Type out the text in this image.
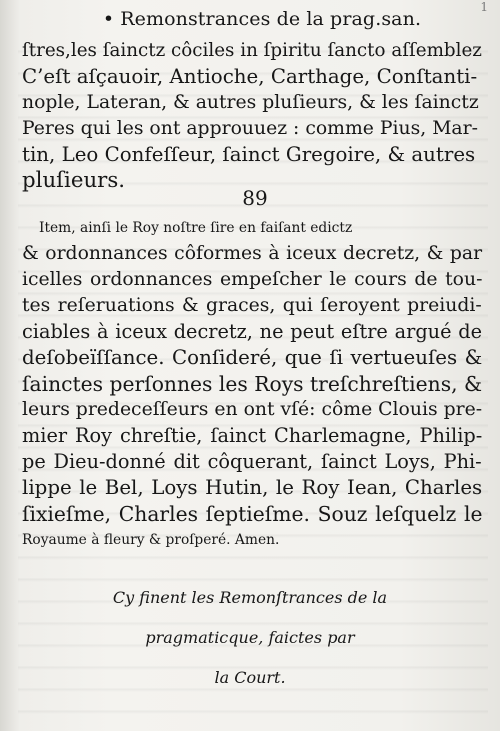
• Remonstrances de la prag.san.
1
ſtres,les ſainctz côciles in ſpiritu ſancto aſſemblez
C’eſt aſçauoir, Antioche, Carthage, Conſtanti-
nople, Lateran, & autres pluſieurs, & les ſainctz
Peres qui les ont approuuez : comme Pius, Mar-
tin, Leo Confeſſeur, ſainct Gregoire, & autres
pluſieurs.
89
Item, ainſi le Roy noſtre ſire en faiſant edictz
& ordonnances côformes à iceux decretz, & par
icelles ordonnances empeſcher le cours de tou-
tes reſeruations & graces, qui ſeroyent preiudi-
ciables à iceux decretz, ne peut eſtre argué de
deſobeïſſance. Conſideré, que ſi vertueuſes &
ſainctes perſonnes les Roys treſchreſtiens, &
leurs predeceſſeurs en ont vſé: côme Clouis pre-
mier Roy chreſtie, ſainct Charlemagne, Philip-
pe Dieu-donné dit côquerant, ſainct Loys, Phi-
lippe le Bel, Loys Hutin, le Roy Iean, Charles
ſixieſme, Charles ſeptieſme. Souz leſquelz le
Royaume à fleury & proſperé. Amen.
Cy finent les Remonſtrances de la
pragmaticque, faictes par
la Court.
